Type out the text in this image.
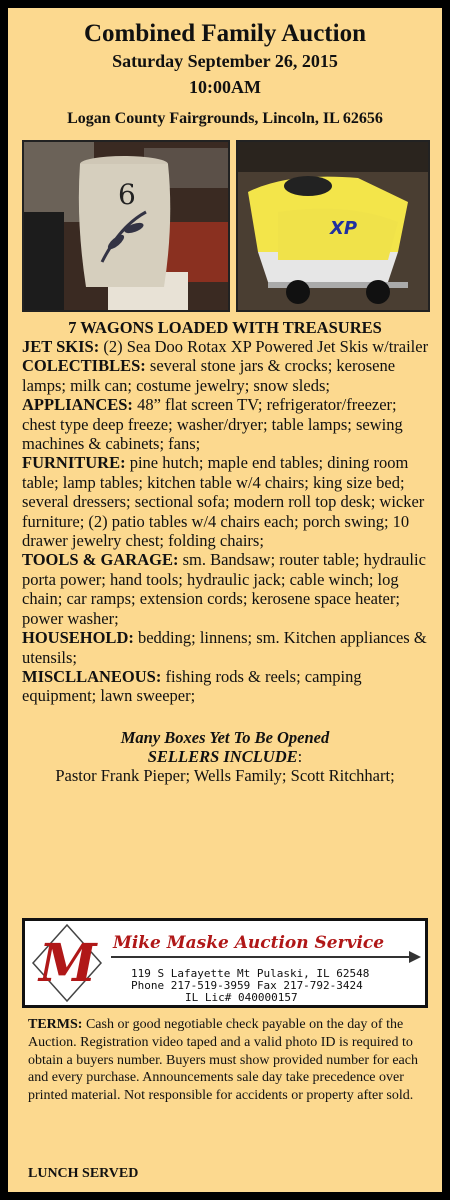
Combined Family Auction
Saturday September 26, 2015
10:00AM
Logan County Fairgrounds, Lincoln, IL 62656
6
XP
7 WAGONS LOADED WITH TREASURES

JET SKIS: (2) Sea Doo Rotax XP Powered Jet Skis w/trailer

COLECTIBLES: several stone jars & crocks; kerosene lamps; milk can; costume jewelry; snow sleds;

APPLIANCES: 48” flat screen TV; refrigerator/freezer; chest type deep freeze; washer/dryer; table lamps; sewing machines & cabinets; fans;

FURNITURE: pine hutch; maple end tables; dining room table; lamp tables; kitchen table w/4 chairs; king size bed; several dressers; sectional sofa; modern roll top desk; wicker furniture; (2) patio tables w/4 chairs each; porch swing; 10 drawer jewelry chest; folding chairs;

TOOLS & GARAGE: sm. Bandsaw; router table; hydraulic porta power; hand tools; hydraulic jack; cable winch; log chain; car ramps; extension cords; kerosene space heater; power washer;

HOUSEHOLD: bedding; linnens; sm. Kitchen appliances & utensils;

MISCLLANEOUS: fishing rods & reels; camping equipment; lawn sweeper;

Many Boxes Yet To Be Opened
SELLERS INCLUDE:
Pastor Frank Pieper; Wells Family; Scott Ritchhart;
M Mike Maske Auction Service
119 S Lafayette Mt Pulaski, IL 62548
Phone 217-519-3959 Fax 217-792-3424
IL Lic# 040000157
TERMS: Cash or good negotiable check payable on the day of the Auction. Registration video taped and a valid photo ID is required to obtain a buyers number. Buyers must show provided number for each and every purchase. Announcements sale day take precedence over printed material. Not responsible for accidents or property after sold.
LUNCH SERVED
